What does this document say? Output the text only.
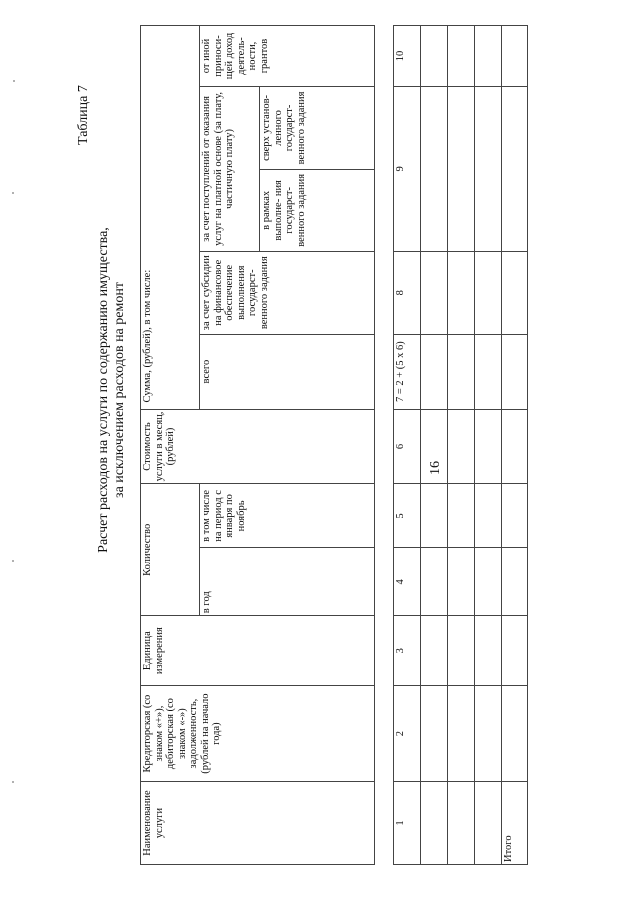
16
Таблица 7
Расчет расходов на услуги по содержанию имущества, за исключением расходов на ремонт
Наименование услуги	Кредиторская (со знаком «+»), дебиторская (со знаком «-») задолженность, (рублей на начало года)	Единица измерения	Количество		Стоимость услуги в месяц, (рублей)	Сумма, (рублей), в том числе:				
			в год	в том числе на период с января по ноябрь		всего	за счет субсидии на финансовое обеспечение выполнения государст- венного задания	за счет поступлений от оказания услуг на платной основе (за плату, частичную плату)		от иной приноси- щей доход деятель- ности, грантов
								в рамках выполне- ния государст- венного задания	сверх установ- ленного государст- венного задания	
1	2	3	4	5	6	7 = 2 + (5 x 6)	8	9	10

Итого									
